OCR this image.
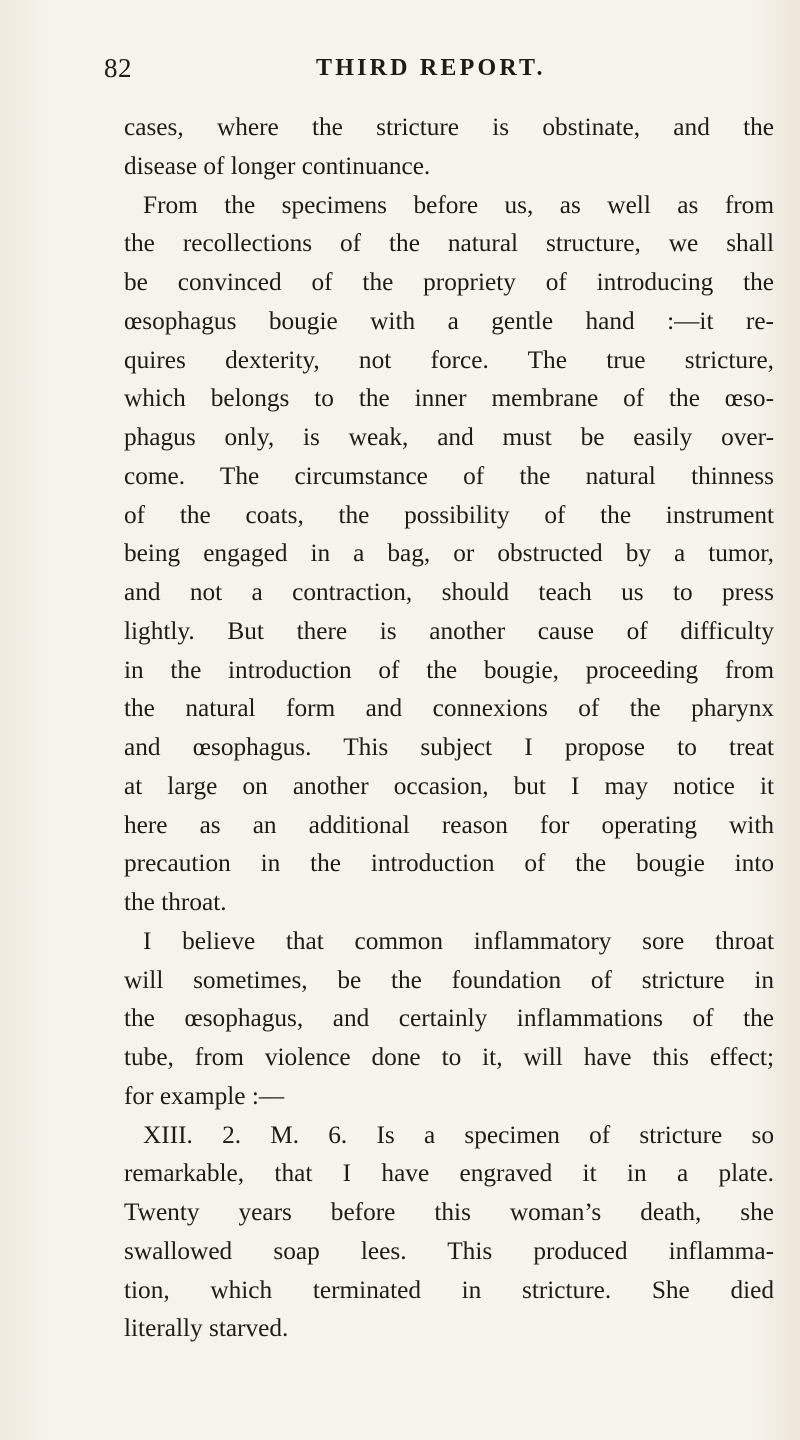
82	THIRD REPORT.
cases, where the stricture is obstinate, and the
disease of longer continuance.
From the specimens before us, as well as from
the recollections of the natural structure, we shall
be convinced of the propriety of introducing the
œsophagus bougie with a gentle hand :—it re-
quires dexterity, not force. The true stricture,
which belongs to the inner membrane of the œso-
phagus only, is weak, and must be easily over-
come. The circumstance of the natural thinness
of the coats, the possibility of the instrument
being engaged in a bag, or obstructed by a tumor,
and not a contraction, should teach us to press
lightly. But there is another cause of difficulty
in the introduction of the bougie, proceeding from
the natural form and connexions of the pharynx
and œsophagus. This subject I propose to treat
at large on another occasion, but I may notice it
here as an additional reason for operating with
precaution in the introduction of the bougie into
the throat.
I believe that common inflammatory sore throat
will sometimes, be the foundation of stricture in
the œsophagus, and certainly inflammations of the
tube, from violence done to it, will have this effect;
for example :—
XIII. 2. M. 6. Is a specimen of stricture so
remarkable, that I have engraved it in a plate.
Twenty years before this woman’s death, she
swallowed soap lees. This produced inflamma-
tion, which terminated in stricture. She died
literally starved.
